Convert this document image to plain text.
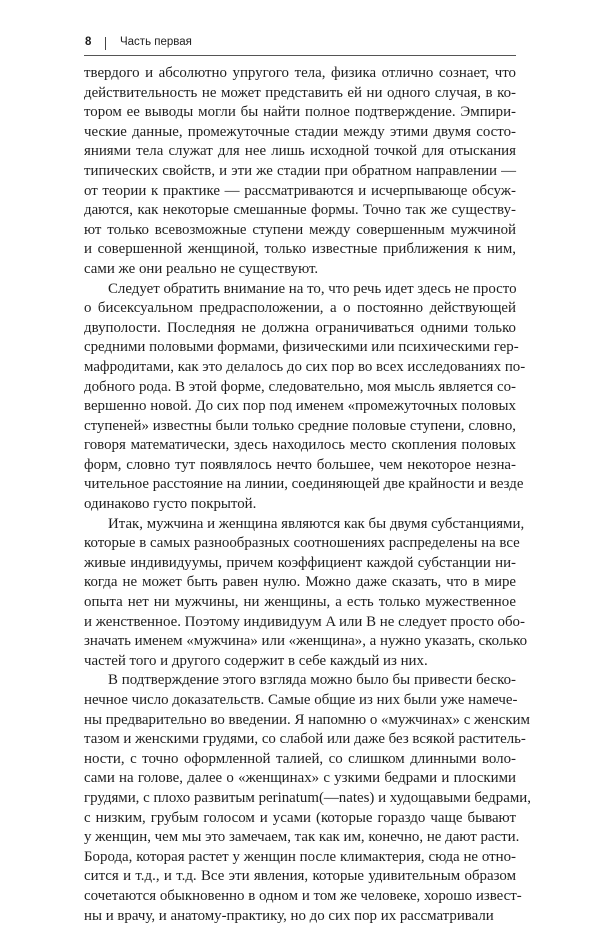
8 Часть первая
твердого и абсолютно упругого тела, физика отлично сознает, что
действительность не может представить ей ни одного случая, в ко-
тором ее выводы могли бы найти полное подтверждение. Эмпири-
ческие данные, промежуточные стадии между этими двумя состо-
яниями тела служат для нее лишь исходной точкой для отыскания
типических свойств, и эти же стадии при обратном направлении —
от теории к практике — рассматриваются и исчерпывающе обсуж-
даются, как некоторые смешанные формы. Точно так же существу-
ют только всевозможные ступени между совершенным мужчиной
и совершенной женщиной, только известные приближения к ним,
сами же они реально не существуют.
Следует обратить внимание на то, что речь идет здесь не просто
о бисексуальном предрасположении, а о постоянно действующей
двуполости. Последняя не должна ограничиваться одними только
средними половыми формами, физическими или психическими гер-
мафродитами, как это делалось до сих пор во всех исследованиях по-
добного рода. В этой форме, следовательно, моя мысль является со-
вершенно новой. До сих пор под именем «промежуточных половых
ступеней» известны были только средние половые ступени, словно,
говоря математически, здесь находилось место скопления половых
форм, словно тут появлялось нечто большее, чем некоторое незна-
чительное расстояние на линии, соединяющей две крайности и везде
одинаково густо покрытой.
Итак, мужчина и женщина являются как бы двумя субстанциями,
которые в самых разнообразных соотношениях распределены на все
живые индивидуумы, причем коэффициент каждой субстанции ни-
когда не может быть равен нулю. Можно даже сказать, что в мире
опыта нет ни мужчины, ни женщины, а есть только мужественное
и женственное. Поэтому индивидуум A или B не следует просто обо-
значать именем «мужчина» или «женщина», а нужно указать, сколько
частей того и другого содержит в себе каждый из них.
В подтверждение этого взгляда можно было бы привести беско-
нечное число доказательств. Самые общие из них были уже намече-
ны предварительно во введении. Я напомню о «мужчинах» с женским
тазом и женскими грудями, со слабой или даже без всякой раститель-
ности, с точно оформленной талией, со слишком длинными воло-
сами на голове, далее о «женщинах» с узкими бедрами и плоскими
грудями, с плохо развитым perinatum(—nates) и худощавыми бедрами,
с низким, грубым голосом и усами (которые гораздо чаще бывают
у женщин, чем мы это замечаем, так как им, конечно, не дают расти.
Борода, которая растет у женщин после климактерия, сюда не отно-
сится и т.д., и т.д. Все эти явления, которые удивительным образом
сочетаются обыкновенно в одном и том же человеке, хорошо извест-
ны и врачу, и анатому-практику, но до сих пор их рассматривали
